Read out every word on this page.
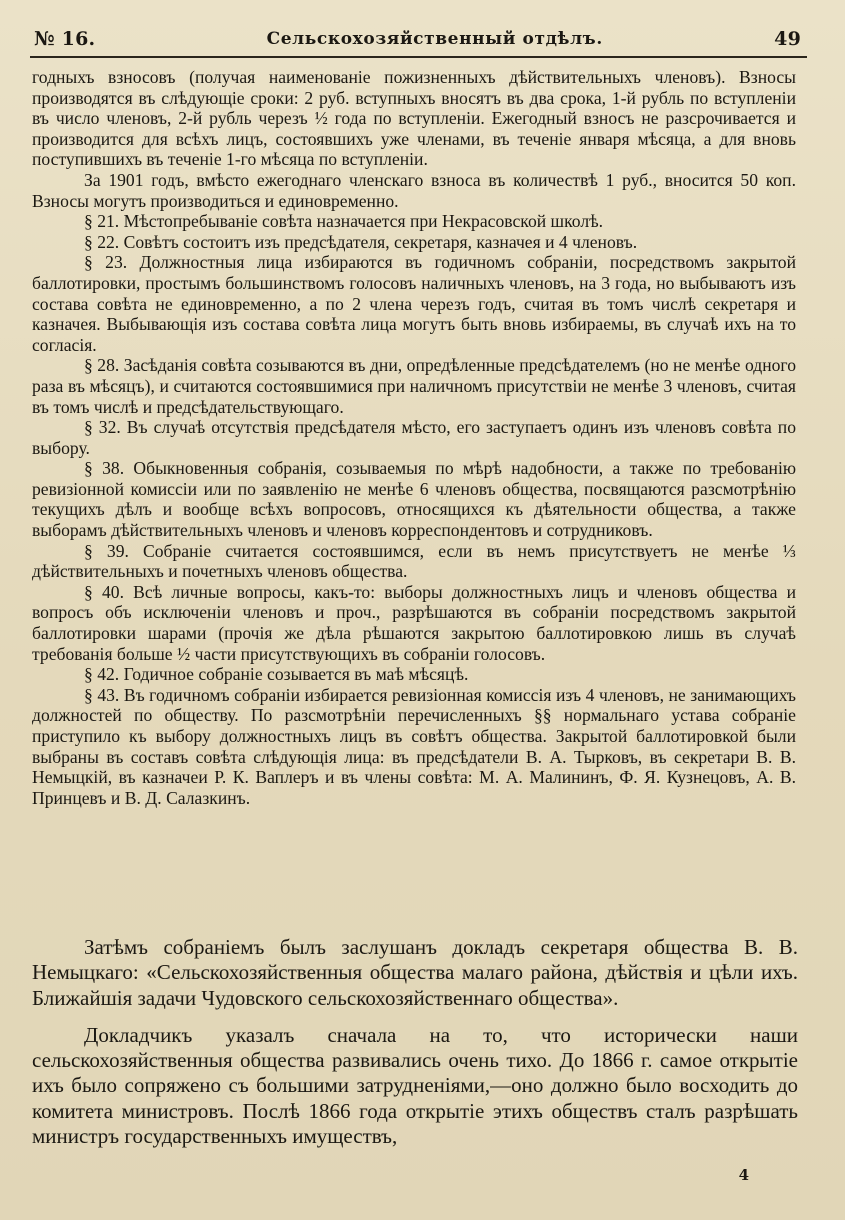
№ 16.	Сельскохозяйственный отдѣлъ.	49

годныхъ взносовъ (получая наименованіе пожизненныхъ дѣйствительныхъ членовъ). Взносы производятся въ слѣдующіе сроки: 2 руб. вступныхъ вносятъ въ два срока, 1-й рубль по вступленіи въ число членовъ, 2-й рубль черезъ ½ года по вступленіи. Ежегодный взносъ не разсрочивается и производится для всѣхъ лицъ, состоявшихъ уже членами, въ теченіе января мѣсяца, а для вновь поступившихъ въ теченіе 1-го мѣсяца по вступленіи.

За 1901 годъ, вмѣсто ежегоднаго членскаго взноса въ количествѣ 1 руб., вносится 50 коп. Взносы могутъ производиться и единовременно.

§ 21. Мѣстопребываніе совѣта назначается при Некрасовской школѣ.

§ 22. Совѣтъ состоитъ изъ предсѣдателя, секретаря, казначея и 4 членовъ.

§ 23. Должностныя лица избираются въ годичномъ собраніи, посредствомъ закрытой баллотировки, простымъ большинствомъ голосовъ наличныхъ членовъ, на 3 года, но выбываютъ изъ состава совѣта не единовременно, а по 2 члена черезъ годъ, считая въ томъ числѣ секретаря и казначея. Выбывающія изъ состава совѣта лица могутъ быть вновь избираемы, въ случаѣ ихъ на то согласія.

§ 28. Засѣданія совѣта созываются въ дни, опредѣленные предсѣдателемъ (но не менѣе одного раза въ мѣсяцъ), и считаются состоявшимися при наличномъ присутствіи не менѣе 3 членовъ, считая въ томъ числѣ и предсѣдательствующаго.

§ 32. Въ случаѣ отсутствія предсѣдателя мѣсто, его заступаетъ одинъ изъ членовъ совѣта по выбору.

§ 38. Обыкновенныя собранія, созываемыя по мѣрѣ надобности, а также по требованію ревизіонной комиссіи или по заявленію не менѣе 6 членовъ общества, посвящаются разсмотрѣнію текущихъ дѣлъ и вообще всѣхъ вопросовъ, относящихся къ дѣятельности общества, а также выборамъ дѣйствительныхъ членовъ и членовъ корреспондентовъ и сотрудниковъ.

§ 39. Собраніе считается состоявшимся, если въ немъ присутствуетъ не менѣе ⅓ дѣйствительныхъ и почетныхъ членовъ общества.

§ 40. Всѣ личные вопросы, какъ-то: выборы должностныхъ лицъ и членовъ общества и вопросъ объ исключеніи членовъ и проч., разрѣшаются въ собраніи посредствомъ закрытой баллотировки шарами (прочія же дѣла рѣшаются закрытою баллотировкою лишь въ случаѣ требованія больше ½ части присутствующихъ въ собраніи голосовъ.

§ 42. Годичное собраніе созывается въ маѣ мѣсяцѣ.

§ 43. Въ годичномъ собраніи избирается ревизіонная комиссія изъ 4 членовъ, не занимающихъ должностей по обществу. По разсмотрѣніи перечисленныхъ §§ нормальнаго устава собраніе приступило къ выбору должностныхъ лицъ въ совѣтъ общества. Закрытой баллотировкой были выбраны въ составъ совѣта слѣдующія лица: въ предсѣдатели В. А. Тырковъ, въ секретари В. В. Немыцкій, въ казначеи Р. К. Ваплеръ и въ члены совѣта: М. А. Малининъ, Ф. Я. Кузнецовъ, А. В. Принцевъ и В. Д. Салазкинъ.

Затѣмъ собраніемъ былъ заслушанъ докладъ секретаря общества В. В. Немыцкаго: «Сельскохозяйственныя общества малаго района, дѣйствія и цѣли ихъ. Ближайшія задачи Чудовского сельскохозяйственнаго общества».

Докладчикъ указалъ сначала на то, что исторически наши сельскохозяйственныя общества развивались очень тихо. До 1866 г. самое открытіе ихъ было сопряжено съ большими затрудненіями,—оно должно было восходить до комитета министровъ. Послѣ 1866 года открытіе этихъ обществъ сталъ разрѣшать министръ государственныхъ имуществъ,

4
